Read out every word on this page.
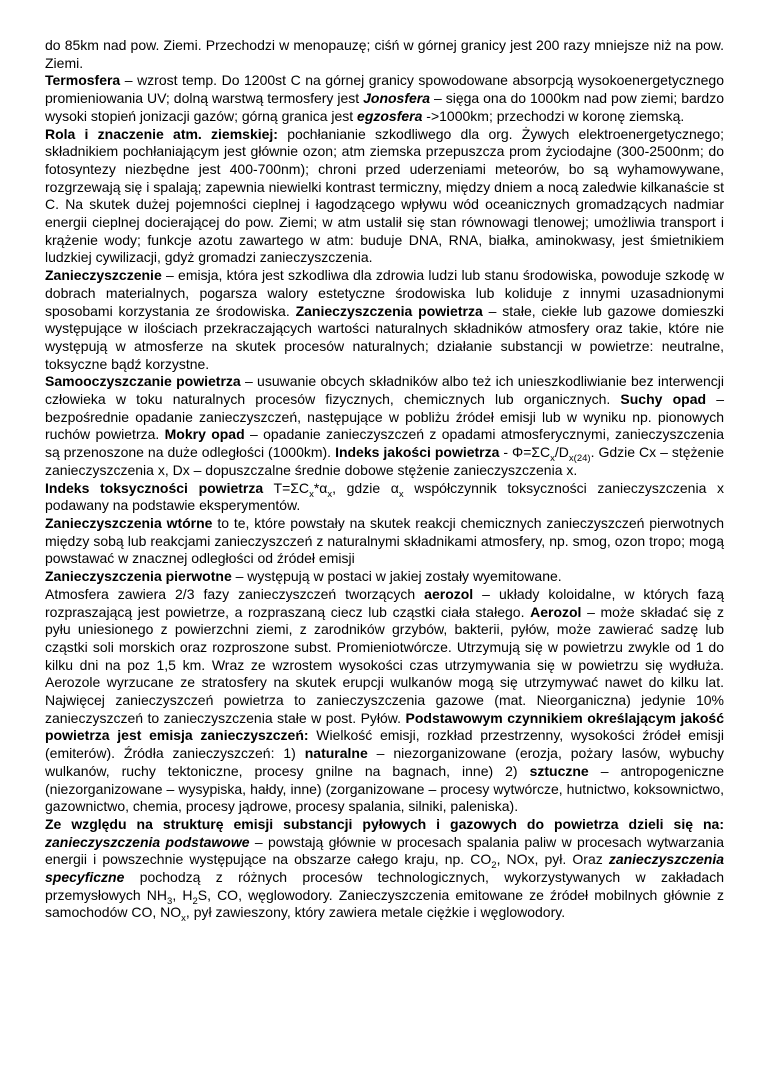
do 85km nad pow. Ziemi. Przechodzi w menopauzę; ciśń w górnej granicy jest 200 razy mniejsze niż na pow. Ziemi.

Termosfera – wzrost temp. Do 1200st C na górnej granicy spowodowane absorpcją wysokoenergetycznego promieniowania UV; dolną warstwą termosfery jest Jonosfera – sięga ona do 1000km nad pow ziemi; bardzo wysoki stopień jonizacji gazów; górną granica jest egzosfera ->1000km; przechodzi w koronę ziemską.

Rola i znaczenie atm. ziemskiej: pochłanianie szkodliwego dla org. Żywych elektroenergetycznego; składnikiem pochłaniającym jest głównie ozon; atm ziemska przepuszcza prom życiodajne (300-2500nm; do fotosyntezy niezbędne jest 400-700nm); chroni przed uderzeniami meteorów, bo są wyhamowywane, rozgrzewają się i spalają; zapewnia niewielki kontrast termiczny, między dniem a nocą zaledwie kilkanaście st C. Na skutek dużej pojemności cieplnej i łagodzącego wpływu wód oceanicznych gromadzących nadmiar energii cieplnej docierającej do pow. Ziemi; w atm ustalił się stan równowagi tlenowej; umożliwia transport i krążenie wody; funkcje azotu zawartego w atm: buduje DNA, RNA, białka, aminokwasy, jest śmietnikiem ludzkiej cywilizacji, gdyż gromadzi zanieczyszczenia.

Zanieczyszczenie – emisja, która jest szkodliwa dla zdrowia ludzi lub stanu środowiska, powoduje szkodę w dobrach materialnych, pogarsza walory estetyczne środowiska lub koliduje z innymi uzasadnionymi sposobami korzystania ze środowiska. Zanieczyszczenia powietrza – stałe, ciekłe lub gazowe domieszki występujące w ilościach przekraczających wartości naturalnych składników atmosfery oraz takie, które nie występują w atmosferze na skutek procesów naturalnych; działanie substancji w powietrze: neutralne, toksyczne bądź korzystne.

Samooczyszczanie powietrza – usuwanie obcych składników albo też ich unieszkodliwianie bez interwencji człowieka w toku naturalnych procesów fizycznych, chemicznych lub organicznych. Suchy opad – bezpośrednie opadanie zanieczyszczeń, następujące w pobliżu źródeł emisji lub w wyniku np. pionowych ruchów powietrza. Mokry opad – opadanie zanieczyszczeń z opadami atmosferycznymi, zanieczyszczenia są przenoszone na duże odległości (1000km). Indeks jakości powietrza - $\Phi=\Sigma C_x/D_{x(24)}$. Gdzie Cx – stężenie zanieczyszczenia x, Dx – dopuszczalne średnie dobowe stężenie zanieczyszczenia x.

Indeks toksyczności powietrza $T=\Sigma C_x*\alpha_x$, gdzie $\alpha_x$ współczynnik toksyczności zanieczyszczenia x podawany na podstawie eksperymentów.

Zanieczyszczenia wtórne to te, które powstały na skutek reakcji chemicznych zanieczyszczeń pierwotnych między sobą lub reakcjami zanieczyszczeń z naturalnymi składnikami atmosfery, np. smog, ozon tropo; mogą powstawać w znacznej odległości od źródeł emisji

Zanieczyszczenia pierwotne – występują w postaci w jakiej zostały wyemitowane.

Atmosfera zawiera 2/3 fazy zanieczyszczeń tworzących aerozol – układy koloidalne, w których fazą rozpraszającą jest powietrze, a rozpraszaną ciecz lub cząstki ciała stałego. Aerozol – może składać się z pyłu uniesionego z powierzchni ziemi, z zarodników grzybów, bakterii, pyłów, może zawierać sadzę lub cząstki soli morskich oraz rozproszone subst. Promieniotwórcze. Utrzymują się w powietrzu zwykle od 1 do kilku dni na poz 1,5 km. Wraz ze wzrostem wysokości czas utrzymywania się w powietrzu się wydłuża. Aerozole wyrzucane ze stratosfery na skutek erupcji wulkanów mogą się utrzymywać nawet do kilku lat. Najwięcej zanieczyszczeń powietrza to zanieczyszczenia gazowe (mat. Nieorganiczna) jedynie 10% zanieczyszczeń to zanieczyszczenia stałe w post. Pyłów. Podstawowym czynnikiem określającym jakość powietrza jest emisja zanieczyszczeń: Wielkość emisji, rozkład przestrzenny, wysokości źródeł emisji (emiterów). Źródła zanieczyszczeń: 1) naturalne – niezorganizowane (erozja, pożary lasów, wybuchy wulkanów, ruchy tektoniczne, procesy gnilne na bagnach, inne) 2) sztuczne – antropogeniczne (niezorganizowane – wysypiska, hałdy, inne) (zorganizowane – procesy wytwórcze, hutnictwo, koksownictwo, gazownictwo, chemia, procesy jądrowe, procesy spalania, silniki, paleniska).

Ze względu na strukturę emisji substancji pyłowych i gazowych do powietrza dzieli się na: zanieczyszczenia podstawowe – powstają głównie w procesach spalania paliw w procesach wytwarzania energii i powszechnie występujące na obszarze całego kraju, np. $CO_2$, NOx, pył. Oraz zanieczyszczenia specyficzne pochodzą z różnych procesów technologicznych, wykorzystywanych w zakładach przemysłowych $NH_3$, $H_2S$, CO, węglowodory. Zanieczyszczenia emitowane ze źródeł mobilnych głównie z samochodów CO, $NO_x$, pył zawieszony, który zawiera metale ciężkie i węglowodory.
